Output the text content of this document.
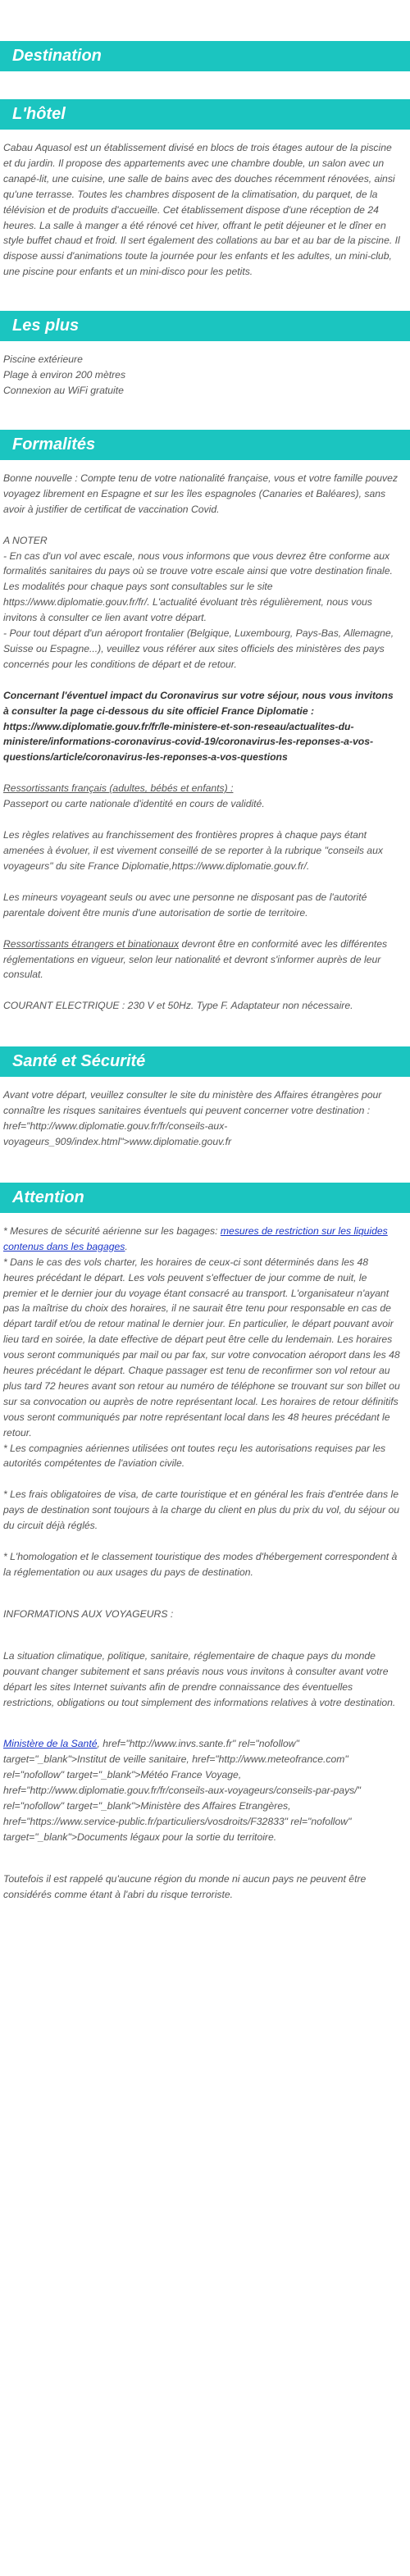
Destination
L'hôtel

Cabau Aquasol est un établissement divisé en blocs de trois étages autour de la piscine et du jardin. Il propose des appartements avec une chambre double, un salon avec un canapé-lit, une cuisine, une salle de bains avec des douches récemment rénovées, ainsi qu'une terrasse. Toutes les chambres disposent de la climatisation, du parquet, de la télévision et de produits d'accueille. Cet établissement dispose d'une réception de 24 heures. La salle à manger a été rénové cet hiver, offrant le petit déjeuner et le dîner en style buffet chaud et froid. Il sert également des collations au bar et au bar de la piscine. Il dispose aussi d'animations toute la journée pour les enfants et les adultes, un mini-club, une piscine pour enfants et un mini-disco pour les petits.

Les plus

Piscine extérieure

Plage à environ 200 mètres

Connexion au WiFi gratuite

Formalités

Bonne nouvelle : Compte tenu de votre nationalité française, vous et votre famille pouvez voyagez librement en Espagne et sur les îles espagnoles (Canaries et Baléares), sans avoir à justifier de certificat de vaccination Covid.

A NOTER

- En cas d'un vol avec escale, nous vous informons que vous devrez être conforme aux formalités sanitaires du pays où se trouve votre escale ainsi que votre destination finale.

Les modalités pour chaque pays sont consultables sur le site https://www.diplomatie.gouv.fr/fr/. L'actualité évoluant très régulièrement, nous vous invitons à consulter ce lien avant votre départ.

- Pour tout départ d'un aéroport frontalier (Belgique, Luxembourg, Pays-Bas, Allemagne, Suisse ou Espagne...), veuillez vous référer aux sites officiels des ministères des pays concernés pour les conditions de départ et de retour.

Concernant l'éventuel impact du Coronavirus sur votre séjour, nous vous invitons à consulter la page ci-dessous du site officiel France Diplomatie : https://www.diplomatie.gouv.fr/fr/le-ministere-et-son-reseau/actualites-du-ministere/informations-coronavirus-covid-19/coronavirus-les-reponses-a-vos-questions/article/coronavirus-les-reponses-a-vos-questions

Ressortissants français (adultes, bébés et enfants) :

Passeport ou carte nationale d'identité en cours de validité.

Les règles relatives au franchissement des frontières propres à chaque pays étant amenées à évoluer, il est vivement conseillé de se reporter à la rubrique "conseils aux voyageurs" du site France Diplomatie,https://www.diplomatie.gouv.fr/.

Les mineurs voyageant seuls ou avec une personne ne disposant pas de l'autorité parentale doivent être munis d'une autorisation de sortie de territoire.

Ressortissants étrangers et binationaux devront être en conformité avec les différentes réglementations en vigueur, selon leur nationalité et devront s'informer auprès de leur consulat.

COURANT ELECTRIQUE : 230 V et 50Hz. Type F. Adaptateur non nécessaire.

Santé et Sécurité

Avant votre départ, veuillez consulter le site du ministère des Affaires étrangères pour connaître les risques sanitaires éventuels qui peuvent concerner votre destination : href="http://www.diplomatie.gouv.fr/fr/conseils-aux-voyageurs_909/index.html">www.diplomatie.gouv.fr

Attention

* Mesures de sécurité aérienne sur les bagages: mesures de restriction sur les liquides contenus dans les bagages.

* Dans le cas des vols charter, les horaires de ceux-ci sont déterminés dans les 48 heures précédant le départ. Les vols peuvent s'effectuer de jour comme de nuit, le premier et le dernier jour du voyage étant consacré au transport. L'organisateur n'ayant pas la maîtrise du choix des horaires, il ne saurait être tenu pour responsable en cas de départ tardif et/ou de retour matinal le dernier jour. En particulier, le départ pouvant avoir lieu tard en soirée, la date effective de départ peut être celle du lendemain. Les horaires vous seront communiqués par mail ou par fax, sur votre convocation aéroport dans les 48 heures précédant le départ. Chaque passager est tenu de reconfirmer son vol retour au plus tard 72 heures avant son retour au numéro de téléphone se trouvant sur son billet ou sur sa convocation ou auprès de notre représentant local. Les horaires de retour définitifs vous seront communiqués par notre représentant local dans les 48 heures précédant le retour.

* Les compagnies aériennes utilisées ont toutes reçu les autorisations requises par les autorités compétentes de l'aviation civile.

* Les frais obligatoires de visa, de carte touristique et en général les frais d'entrée dans le pays de destination sont toujours à la charge du client en plus du prix du vol, du séjour ou du circuit déjà réglés.

* L'homologation et le classement touristique des modes d'hébergement correspondent à la réglementation ou aux usages du pays de destination.

INFORMATIONS AUX VOYAGEURS :

La situation climatique, politique, sanitaire, réglementaire de chaque pays du monde pouvant changer subitement et sans préavis nous vous invitons à consulter avant votre départ les sites Internet suivants afin de prendre connaissance des éventuelles restrictions, obligations ou tout simplement des informations relatives à votre destination.

Ministère de la Santé, href="http://www.invs.sante.fr" rel="nofollow" target="_blank">Institut de veille sanitaire, href="http://www.meteofrance.com" rel="nofollow" target="_blank">Météo France Voyage, href="http://www.diplomatie.gouv.fr/fr/conseils-aux-voyageurs/conseils-par-pays/" rel="nofollow" target="_blank">Ministère des Affaires Etrangères, href="https://www.service-public.fr/particuliers/vosdroits/F32833" rel="nofollow" target="_blank">Documents légaux pour la sortie du territoire.

Toutefois il est rappelé qu'aucune région du monde ni aucun pays ne peuvent être considérés comme étant à l'abri du risque terroriste.
